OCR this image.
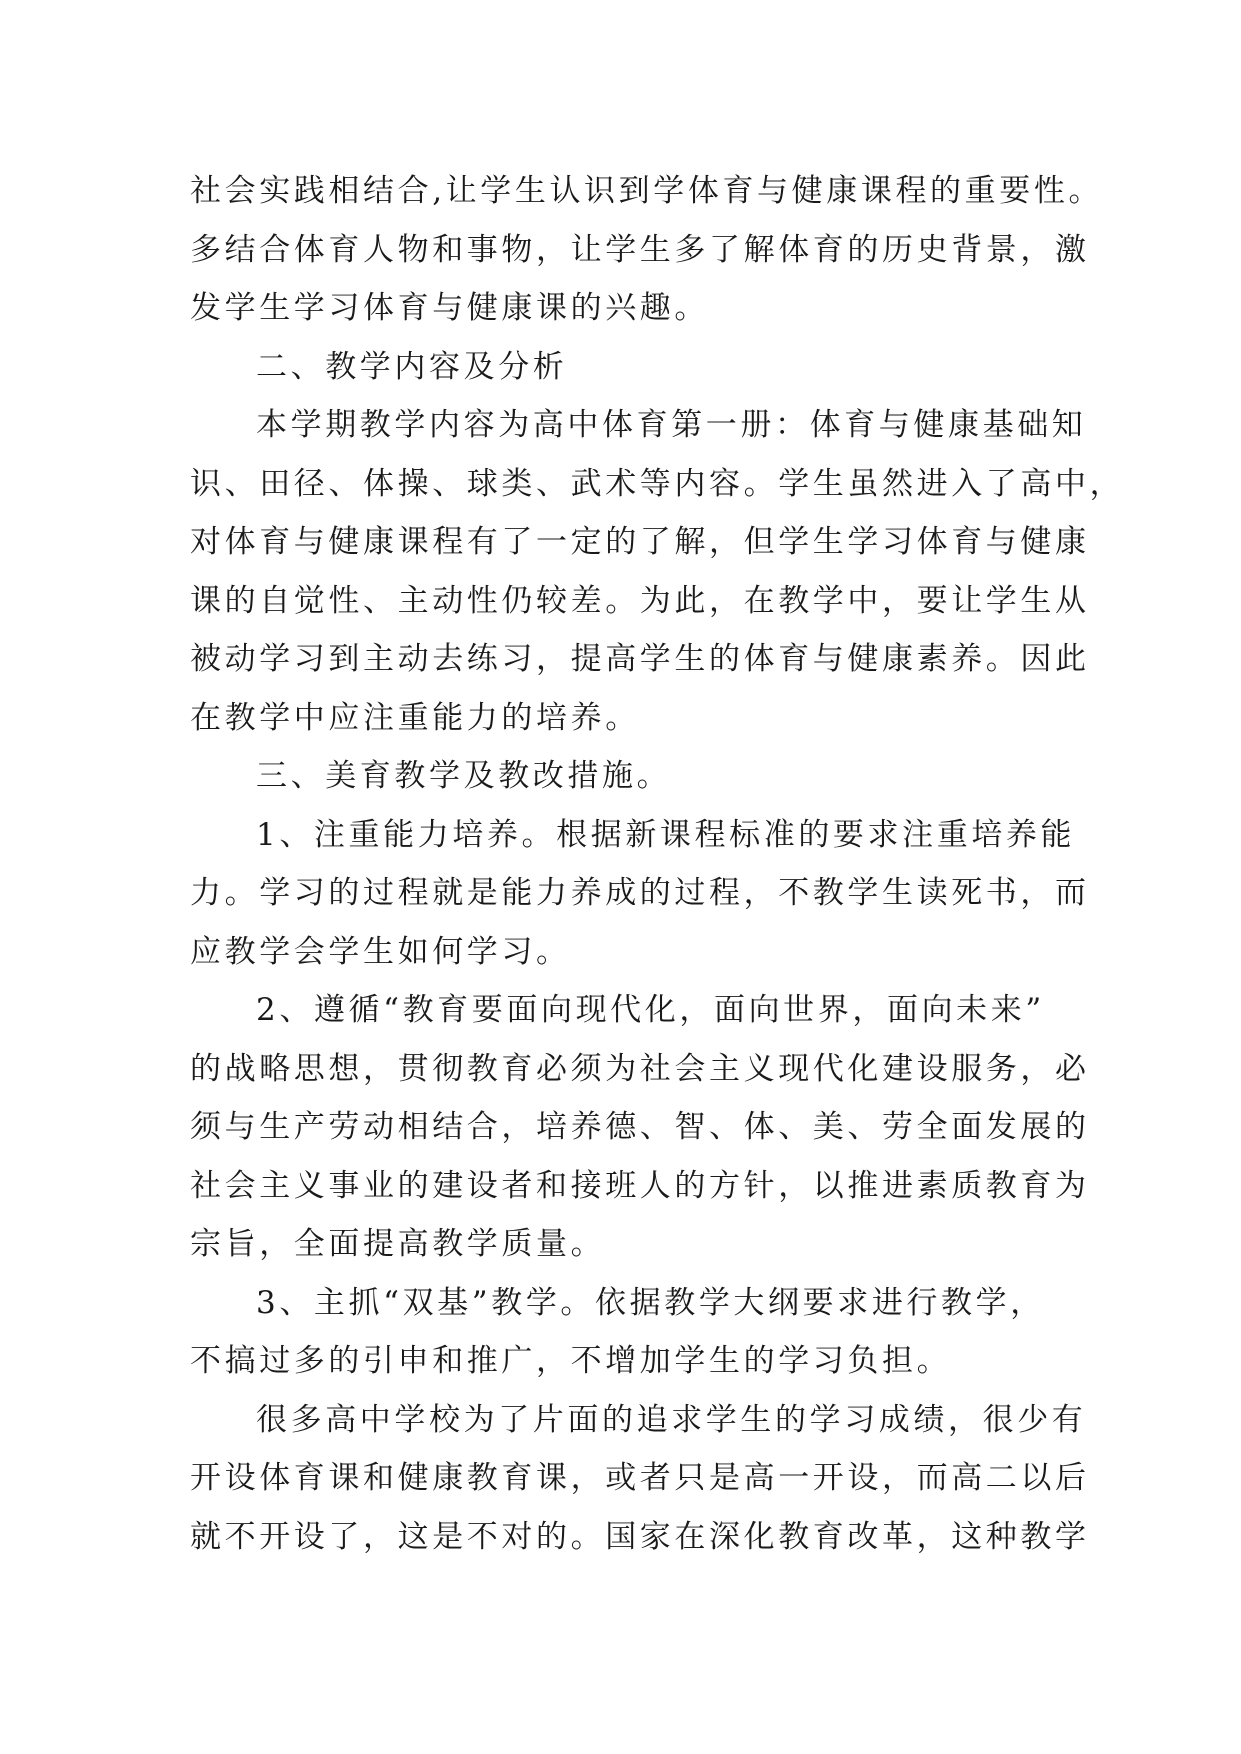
社会实践相结合,让学生认识到学体育与健康课程的重要性。
多结合体育人物和事物，让学生多了解体育的历史背景，激
发学生学习体育与健康课的兴趣。
二、教学内容及分析
本学期教学内容为高中体育第一册：体育与健康基础知
识、田径、体操、球类、武术等内容。学生虽然进入了高中，
对体育与健康课程有了一定的了解，但学生学习体育与健康
课的自觉性、主动性仍较差。为此，在教学中，要让学生从
被动学习到主动去练习，提高学生的体育与健康素养。因此
在教学中应注重能力的培养。
三、美育教学及教改措施。
1、注重能力培养。根据新课程标准的要求注重培养能
力。学习的过程就是能力养成的过程，不教学生读死书，而
应教学会学生如何学习。
2、遵循“教育要面向现代化，面向世界，面向未来”
的战略思想，贯彻教育必须为社会主义现代化建设服务，必
须与生产劳动相结合，培养德、智、体、美、劳全面发展的
社会主义事业的建设者和接班人的方针，以推进素质教育为
宗旨，全面提高教学质量。
3、主抓“双基”教学。依据教学大纲要求进行教学，
不搞过多的引申和推广，不增加学生的学习负担。
很多高中学校为了片面的追求学生的学习成绩，很少有
开设体育课和健康教育课，或者只是高一开设，而高二以后
就不开设了，这是不对的。国家在深化教育改革，这种教学
